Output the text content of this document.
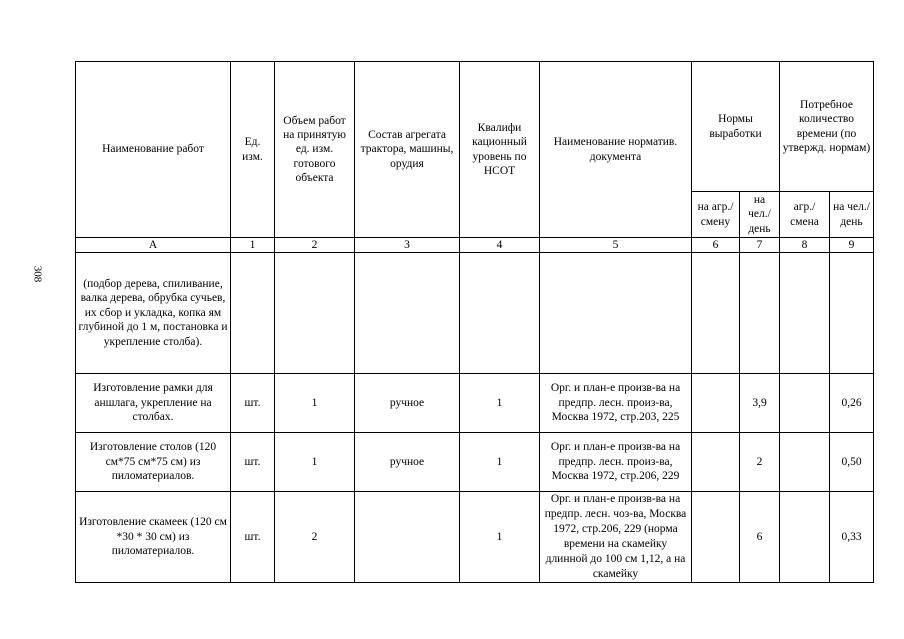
308
Наименование работ	Ед. изм.	Объем работ на принятую ед. изм. готового объекта	Состав агрегата трактора, машины, орудия	Квалифи кационный уровень по НСОТ	Наименование норматив. документа	Нормы выработки		Потребное количество времени (по утвержд. нормам)	
						на агр./ смену	на чел./ день	агр./ смена	на чел./ день
А	1	2	3	4	5	6	7	8	9
(подбор дерева, спиливание, валка дерева, обрубка сучьев, их сбор и укладка, копка ям глубиной до 1 м, постановка и укрепление столба).									
Изготовление рамки для аншлага, укрепление на столбах.	шт.	1	ручное	1	Орг. и план-е произв-ва на предпр. лесн. произ-ва, Москва 1972, стр.203, 225		3,9		0,26
Изготовление столов (120 см*75 см*75 см) из пиломатериалов.	шт.	1	ручное	1	Орг. и план-е произв-ва на предпр. лесн. произ-ва, Москва 1972, стр.206, 229		2		0,50
Изготовление скамеек (120 см *30 * 30 см) из пиломатериалов.	шт.	2		1	Орг. и план-е произв-ва на предпр. лесн. чоз-ва, Москва 1972, стр.206, 229 (норма времени на скамейку длинной до 100 см 1,12, а на скамейку		6		0,33
